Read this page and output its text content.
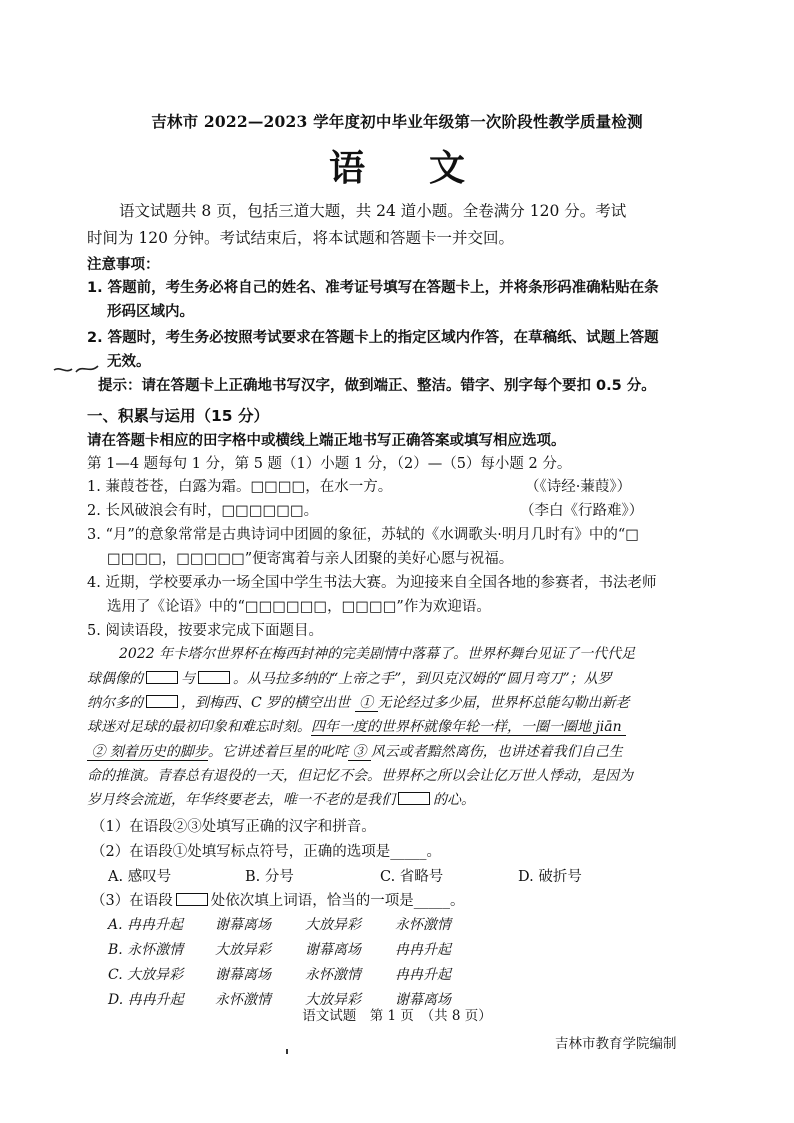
吉林市 2022—2023 学年度初中毕业年级第一次阶段性教学质量检测
语文
语文试题共 8 页，包括三道大题，共 24 道小题。全卷满分 120 分。考试
时间为 120 分钟。考试结束后，将本试题和答题卡一并交回。
注意事项：
1. 答题前，考生务必将自己的姓名、准考证号填写在答题卡上，并将条形码准确粘贴在条
形码区域内。
2. 答题时，考生务必按照考试要求在答题卡上的指定区域内作答，在草稿纸、试题上答题
无效。
提示：请在答题卡上正确地书写汉字，做到端正、整洁。错字、别字每个要扣 0.5 分。
一、积累与运用（15 分）
请在答题卡相应的田字格中或横线上端正地书写正确答案或填写相应选项。
第 1—4 题每句 1 分，第 5 题（1）小题 1 分，（2）—（5）每小题 2 分。
1. 蒹葭苍苍，白露为霜。□□□□，在水一方。	（《诗经·蒹葭》）
2. 长风破浪会有时，□□□□□□。	（李白《行路难》）
3. “月”的意象常常是古典诗词中团圆的象征，苏轼的《水调歌头·明月几时有》中的“□
□□□□，□□□□□”便寄寓着与亲人团聚的美好心愿与祝福。
4. 近期，学校要承办一场全国中学生书法大赛。为迎接来自全国各地的参赛者，书法老师
选用了《论语》中的“□□□□□□，□□□□”作为欢迎语。
5. 阅读语段，按要求完成下面题目。
2022 年卡塔尔世界杯在梅西封神的完美剧情中落幕了。世界杯舞台见证了一代代足
球偶像的	与	。从马拉多纳的“上帝之手”，到贝克汉姆的“圆月弯刀”；从罗
纳尔多的	，到梅西、C 罗的横空出世 ① 无论经过多少届，世界杯总能勾勒出新老
球迷对足球的最初印象和难忘时刻。四年一度的世界杯就像年轮一样，一圈一圈地 jiān
② 刻着历史的脚步。它讲述着巨星的叱咤 ③ 风云或者黯然离伤，也讲述着我们自己生
命的推演。青春总有退役的一天，但记忆不会。世界杯之所以会让亿万世人悸动，是因为
岁月终会流逝，年华终要老去，唯一不老的是我们	的心。
（1）在语段②③处填写正确的汉字和拼音。
（2）在语段①处填写标点符号，正确的选项是_____。
A. 感叹号	B. 分号	C. 省略号	D. 破折号
（3）在语段	处依次填上词语，恰当的一项是_____。
A. 冉冉升起 谢幕离场 大放异彩 永怀激情
B. 永怀激情 大放异彩 谢幕离场 冉冉升起
C. 大放异彩 谢幕离场 永怀激情 冉冉升起
D. 冉冉升起 永怀激情 大放异彩 谢幕离场
语文试题　第 1 页　（共 8 页）
吉林市教育学院编制
